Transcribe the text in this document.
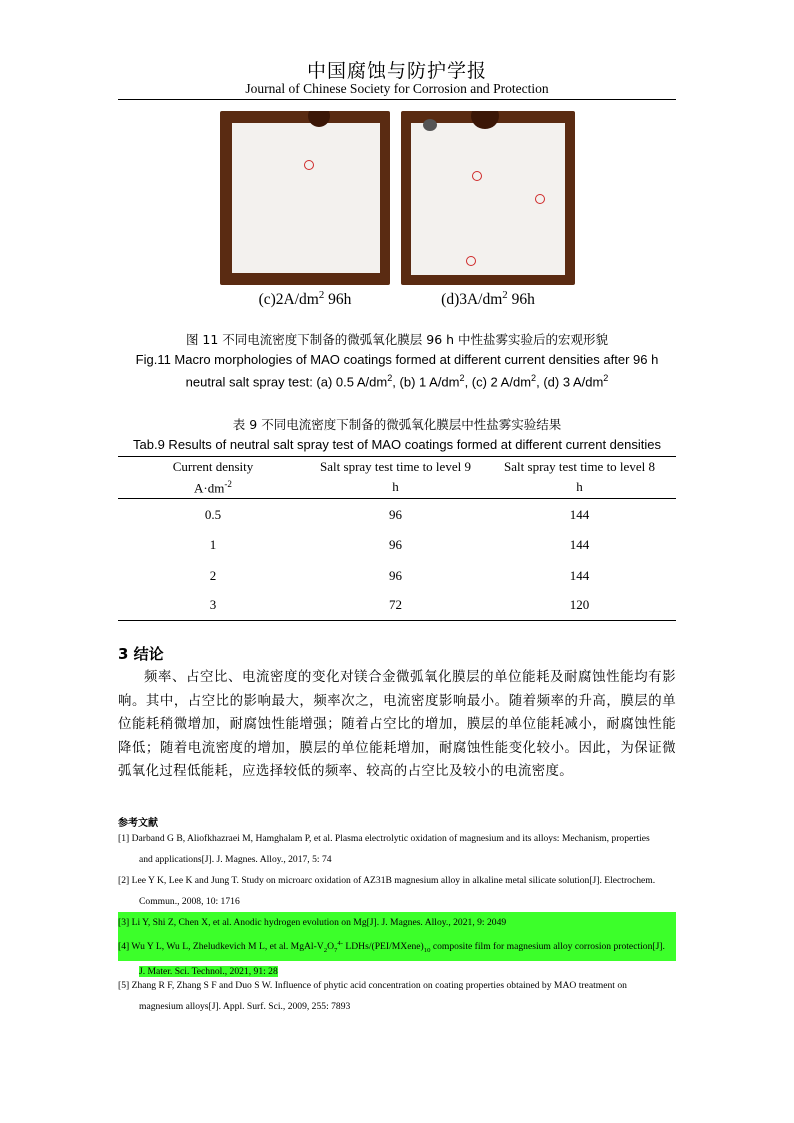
中国腐蚀与防护学报
Journal of Chinese Society for Corrosion and Protection
$(c)2A/dm^2$ 96h	$(d)3A/dm^2$ 96h
图 11 不同电流密度下制备的微弧氧化膜层 96 h 中性盐雾实验后的宏观形貌
Fig.11 Macro morphologies of MAO coatings formed at different current densities after 96 h
neutral salt spray test: (a) 0.5 $A/dm^2$, (b) 1 $A/dm^2$, (c) 2 $A/dm^2$, (d) 3 $A/dm^2$
表 9 不同电流密度下制备的微弧氧化膜层中性盐雾实验结果
Tab.9 Results of neutral salt spray test of MAO coatings formed at different current densities
Current density	Salt spray test time to level 9	Salt spray test time to level 8
$A\cdot dm^{-2}$	h	h
0.5	96	144
1	96	144
2	96	144
3	72	120
3 结论
频率、占空比、电流密度的变化对镁合金微弧氧化膜层的单位能耗及耐腐蚀性能均有影响。其中，占空比的影响最大，频率次之，电流密度影响最小。随着频率的升高，膜层的单位能耗稍微增加，耐腐蚀性能增强；随着占空比的增加，膜层的单位能耗减小，耐腐蚀性能降低；随着电流密度的增加，膜层的单位能耗增加，耐腐蚀性能变化较小。因此，为保证微弧氧化过程低能耗，应选择较低的频率、较高的占空比及较小的电流密度。
参考文献
[1] Darband G B, Aliofkhazraei M, Hamghalam P, et al. Plasma electrolytic oxidation of magnesium and its alloys: Mechanism, properties
and applications[J]. J. Magnes. Alloy., 2017, 5: 74
[2] Lee Y K, Lee K and Jung T. Study on microarc oxidation of AZ31B magnesium alloy in alkaline metal silicate solution[J]. Electrochem.
Commun., 2008, 10: 1716
[3] Li Y, Shi Z, Chen X, et al. Anodic hydrogen evolution on Mg[J]. J. Magnes. Alloy., 2021, 9: 2049
[4] Wu Y L, Wu L, Zheludkevich M L, et al. MgAl-$V_2O_7^{4-}$ LDHs/$(PEI/MXene)_{10}$ composite film for magnesium alloy corrosion protection[J].
J. Mater. Sci. Technol., 2021, 91: 28
[5] Zhang R F, Zhang S F and Duo S W. Influence of phytic acid concentration on coating properties obtained by MAO treatment on
magnesium alloys[J]. Appl. Surf. Sci., 2009, 255: 7893
